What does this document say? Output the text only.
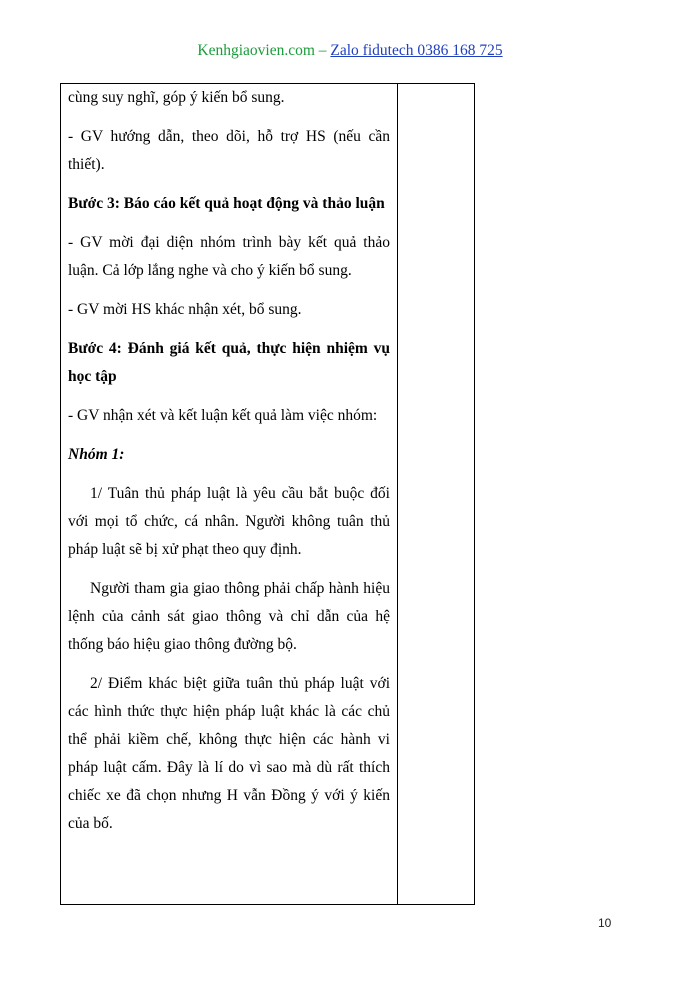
Kenhgiaovien.com – Zalo fidutech 0386 168 725

cùng suy nghĩ, góp ý kiến bổ sung.

- GV hướng dẫn, theo dõi, hỗ trợ HS (nếu cần thiết).

Bước 3: Báo cáo kết quả hoạt động và thảo luận

- GV mời đại diện nhóm trình bày kết quả thảo luận. Cả lớp lắng nghe và cho ý kiến bổ sung.

- GV mời HS khác nhận xét, bổ sung.

Bước 4: Đánh giá kết quả, thực hiện nhiệm vụ học tập

- GV nhận xét và kết luận kết quả làm việc nhóm:

Nhóm 1:

1/ Tuân thủ pháp luật là yêu cầu bắt buộc đối với mọi tổ chức, cá nhân. Người không tuân thủ pháp luật sẽ bị xử phạt theo quy định.

Người tham gia giao thông phải chấp hành hiệu lệnh của cảnh sát giao thông và chỉ dẫn của hệ thống báo hiệu giao thông đường bộ.

2/ Điểm khác biệt giữa tuân thủ pháp luật với các hình thức thực hiện pháp luật khác là các chủ thể phải kiềm chế, không thực hiện các hành vi pháp luật cấm. Đây là lí do vì sao mà dù rất thích chiếc xe đã chọn nhưng H vẫn Đồng ý với ý kiến của bố.

10
